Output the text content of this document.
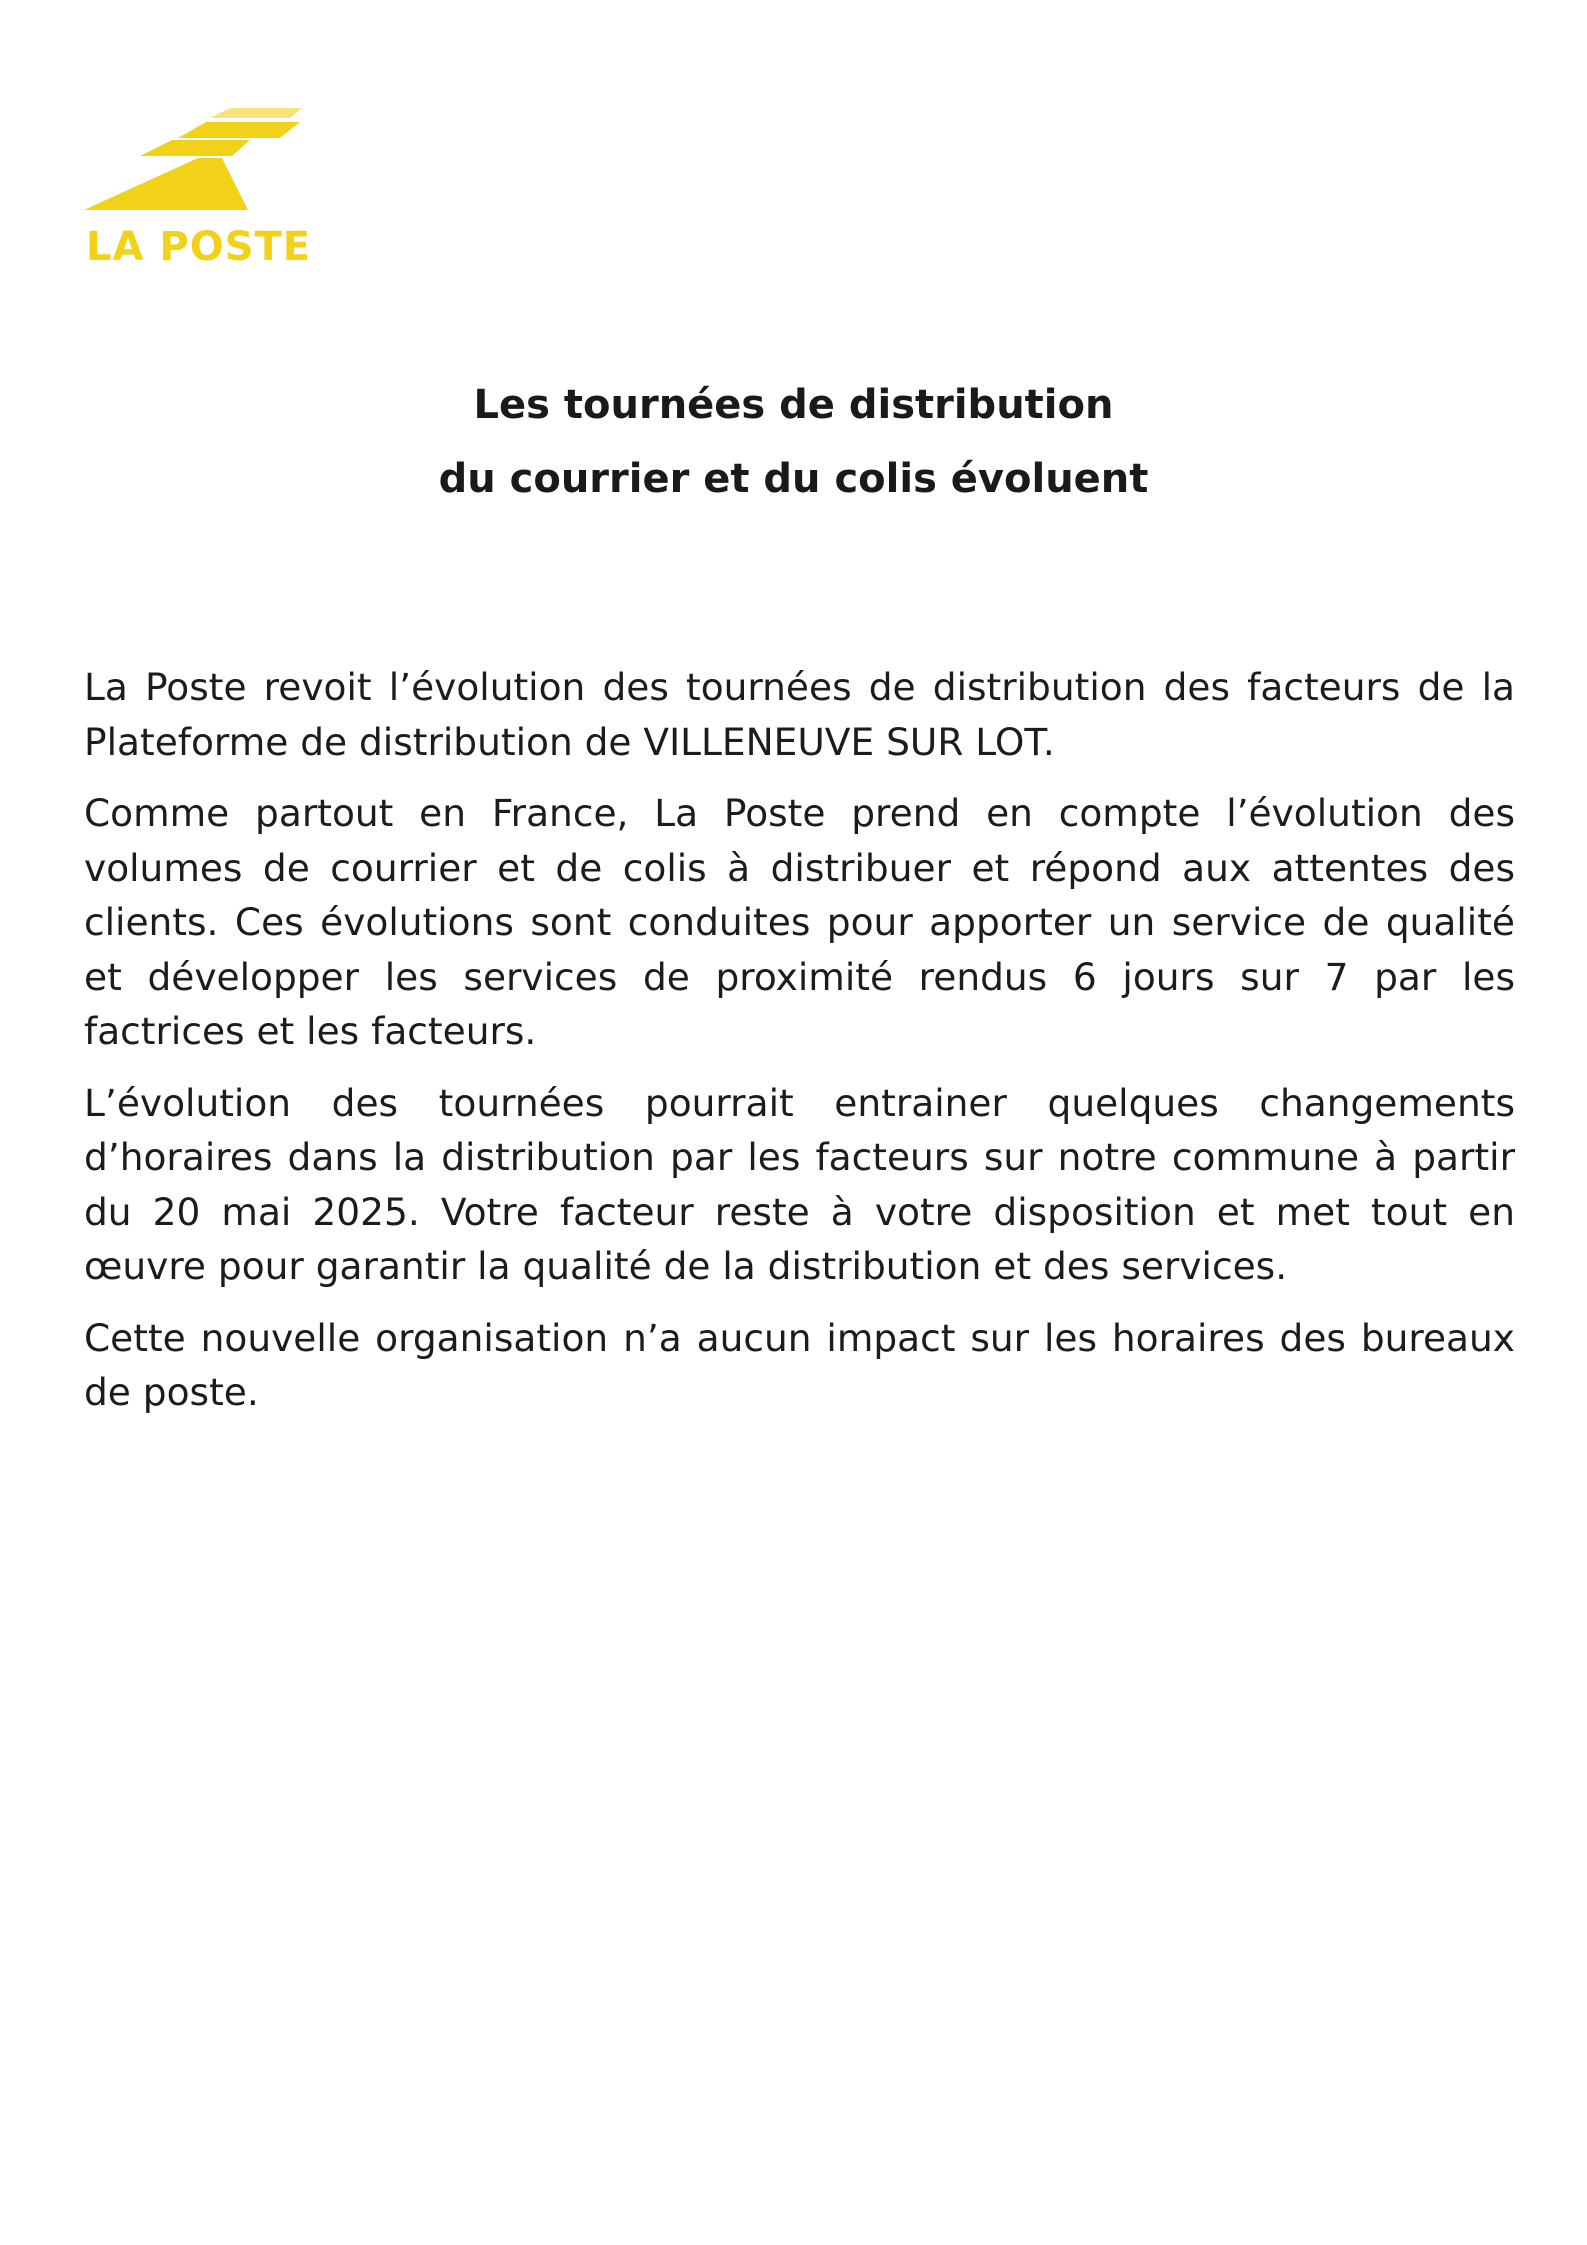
LA POSTE
Les tournées de distribution
du courrier et du colis évoluent

La Poste revoit l’évolution des tournées de distribution des facteurs de la Plateforme de distribution de VILLENEUVE SUR LOT.

Comme partout en France, La Poste prend en compte l’évolution des volumes de courrier et de colis à distribuer et répond aux attentes des clients. Ces évolutions sont conduites pour apporter un service de qualité et développer les services de proximité rendus 6 jours sur 7 par les factrices et les facteurs.

L’évolution des tournées pourrait entrainer quelques changements d’horaires dans la distribution par les facteurs sur notre commune à partir du 20 mai 2025. Votre facteur reste à votre disposition et met tout en œuvre pour garantir la qualité de la distribution et des services.

Cette nouvelle organisation n’a aucun impact sur les horaires des bureaux de poste.
